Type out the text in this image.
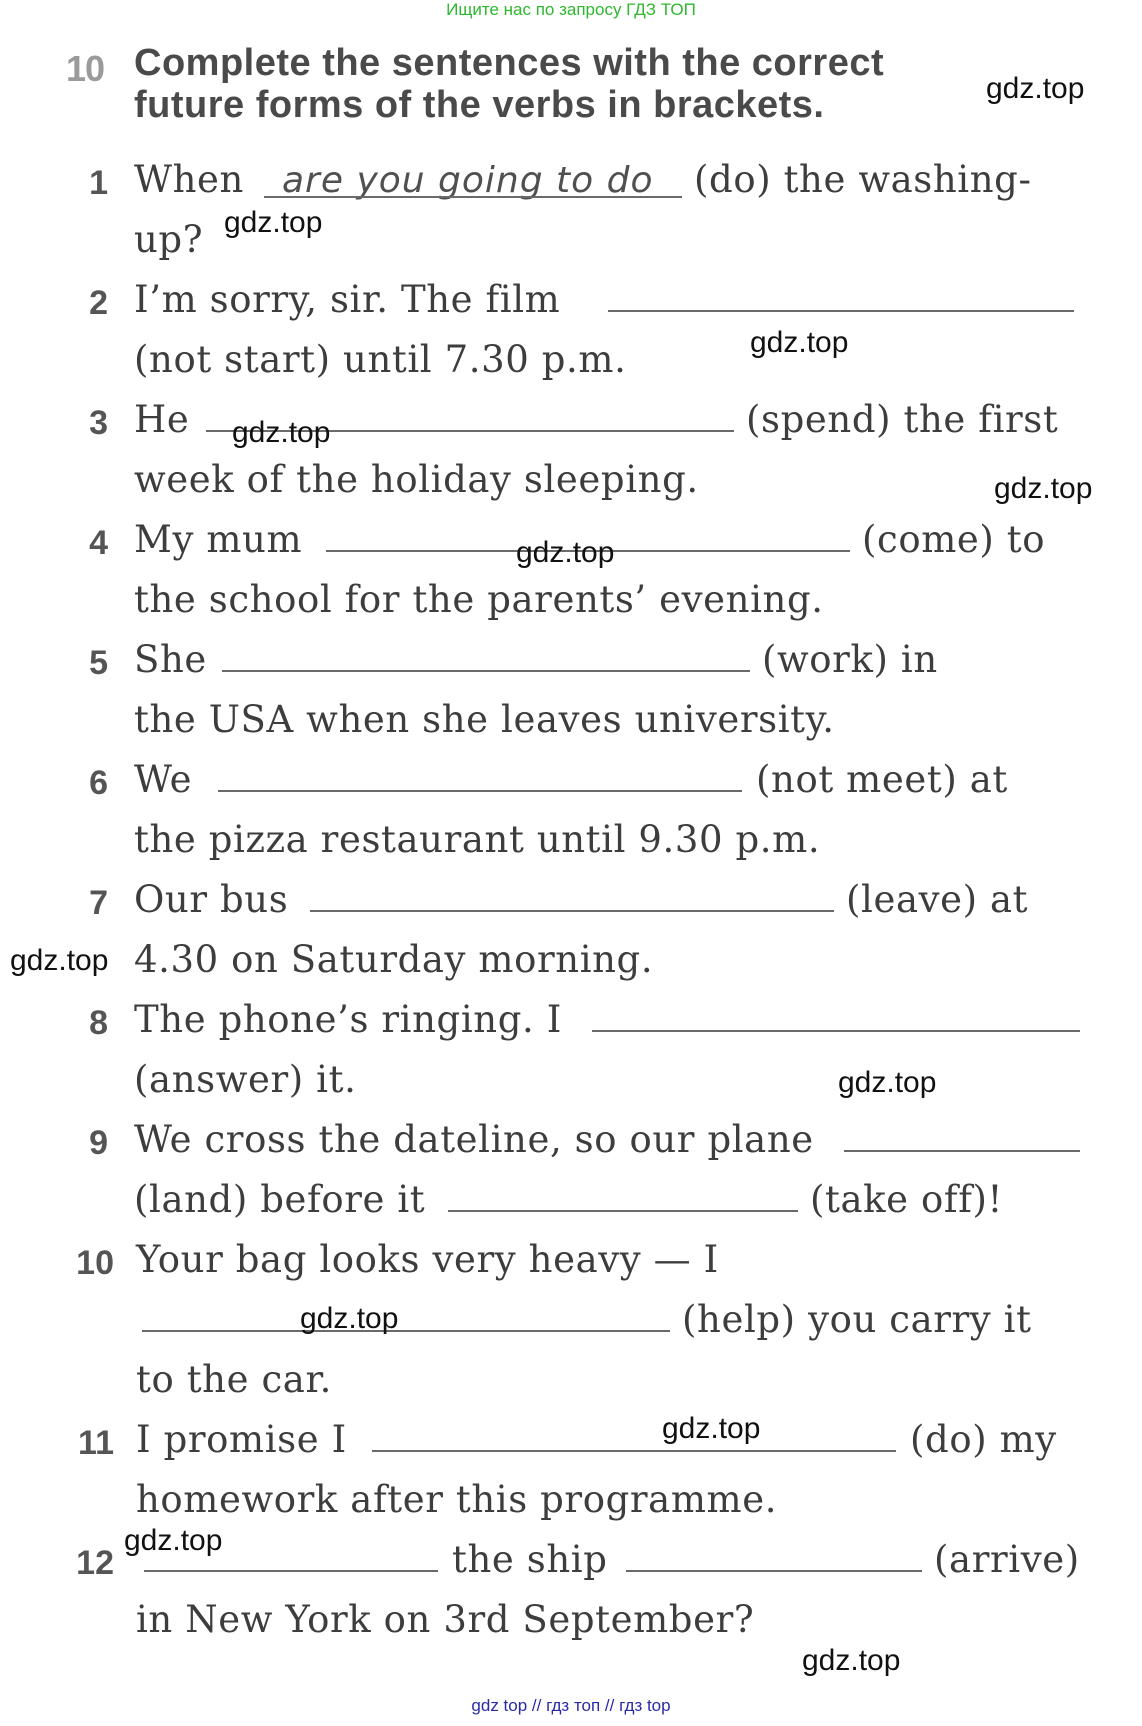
Ищите нас по запросу ГДЗ ТОП
10 Complete the sentences with the correct
future forms of the verbs in brackets.
1 When are you going to do (do) the washing-
up?
2 I’m sorry, sir. The film
(not start) until 7.30 p.m.
3 He	(spend) the first
week of the holiday sleeping.
4 My mum	(come) to
the school for the parents’ evening.
5 She	(work) in
the USA when she leaves university.
6 We	(not meet) at
the pizza restaurant until 9.30 p.m.
7 Our bus	(leave) at
4.30 on Saturday morning.
8 The phone’s ringing. I
(answer) it.
9 We cross the dateline, so our plane
(land) before it	(take off)!
10 Your bag looks very heavy — I
(help) you carry it
to the car.
11 I promise I	(do) my
homework after this programme.
12	the ship	(arrive)
in New York on 3rd September?
gdz.top
gdz.top
gdz.top
gdz.top
gdz.top
gdz.top
gdz.top
gdz.top
gdz.top
gdz.top
gdz.top
gdz.top
gdz top // гдз топ // гдз top
